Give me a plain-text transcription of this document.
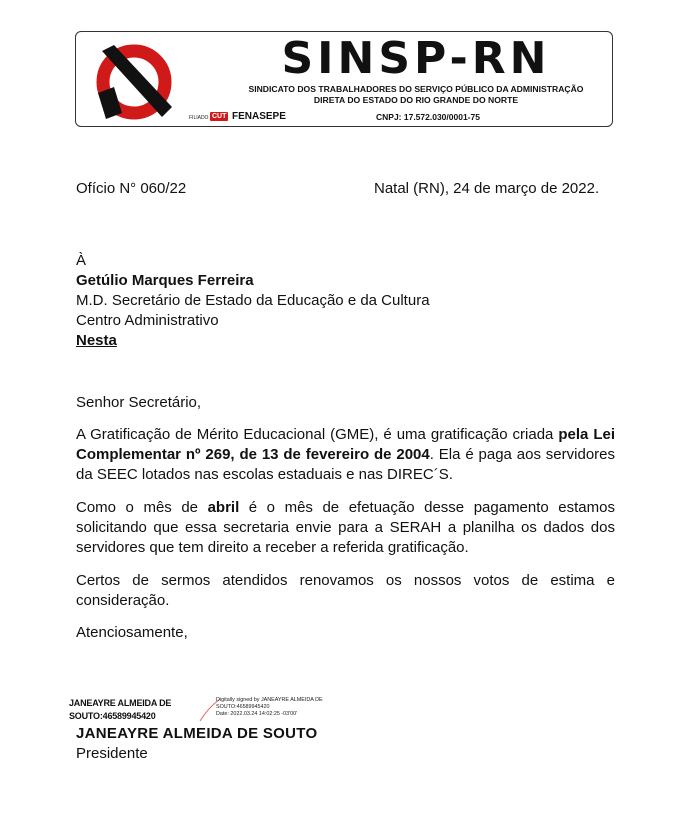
SINSP-RN
SINDICATO DOS TRABALHADORES DO SERVIÇO PÚBLICO DA ADMINISTRAÇÃO
DIRETA DO ESTADO DO RIO GRANDE DO NORTE
FILIADO CUT FENASEPE	CNPJ: 17.572.030/0001-75
Ofício N° 060/22	Natal (RN), 24 de março de 2022.
À
Getúlio Marques Ferreira
M.D. Secretário de Estado da Educação e da Cultura
Centro Administrativo
Nesta
Senhor Secretário,
A Gratificação de Mérito Educacional (GME), é uma gratificação criada pela Lei Complementar nº 269, de 13 de fevereiro de 2004. Ela é paga aos servidores da SEEC lotados nas escolas estaduais e nas DIREC´S.
Como o mês de abril é o mês de efetuação desse pagamento estamos solicitando que essa secretaria envie para a SERAH a planilha os dados dos servidores que tem direito a receber a referida gratificação.
Certos de sermos atendidos renovamos os nossos votos de estima e consideração.
Atenciosamente,
JANEAYRE ALMEIDA DE
SOUTO:46589945420
Digitally signed by JANEAYRE ALMEIDA DE
SOUTO:46589945420
Date: 2022.03.24 14:02:25 -03'00'
JANEAYRE ALMEIDA DE SOUTO
Presidente
